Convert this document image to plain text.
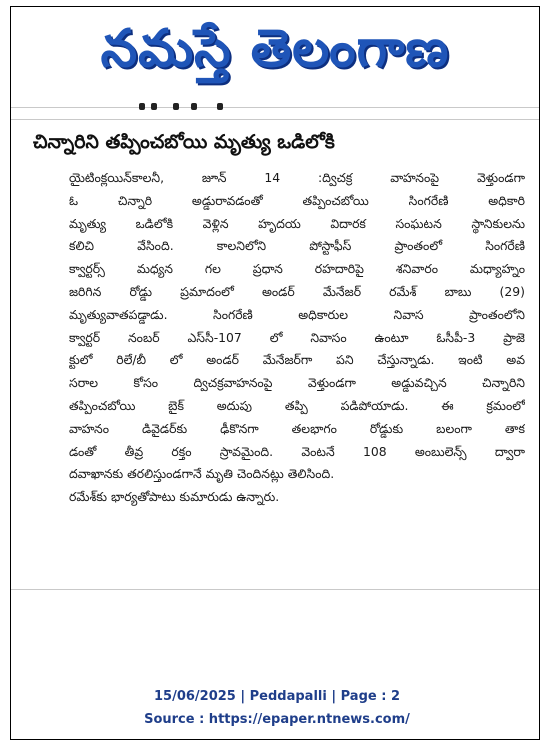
నమస్తే తెలంగాణ
చిన్నారిని తప్పించబోయి మృత్యు ఒడిలోకి
యైటింక్లయిన్‌కాలనీ, జూన్ 14 :ద్విచక్ర వాహనంపై వెళ్తుండగా
ఓ చిన్నారి అడ్డురావడంతో తప్పించబోయి సింగరేణి అధికారి
మృత్యు ఒడిలోకి వెళ్లిన హృదయ విదారక సంఘటన స్థానికులను
కలిచి వేసింది. కాలనిలోని పోస్టాఫీస్ ప్రాంతంలో సింగరేణి
క్వార్టర్స్ మధ్యన గల ప్రధాన రహదారిపై శనివారం మధ్యాహ్నం
జరిగిన రోడ్డు ప్రమాదంలో అండర్ మేనేజర్ రమేశ్ బాబు (29)
మృత్యువాతపడ్డాడు. సింగరేణి అధికారుల నివాస ప్రాంతంలోని
క్వార్టర్ నంబర్ ఎస్‌సీ-107 లో నివాసం ఉంటూ ఓసీపీ-3 ప్రాజె
క్టులో రిలే/బీ లో అండర్ మేనేజర్‌గా పని చేస్తున్నాడు. ఇంటి అవ
సరాల కోసం ద్విచక్రవాహనంపై వెళ్తుండగా అడ్డువచ్చిన చిన్నారిని
తప్పించబోయి బైక్ అదుపు తప్పి పడిపోయాడు. ఈ క్రమంలో
వాహనం డివైడర్‌కు ఢీకొనగా తలభాగం రోడ్డుకు బలంగా తాక
డంతో తీవ్ర రక్తం స్రావమైంది. వెంటనే 108 అంబులెన్స్ ద్వారా
దవాఖానకు తరలిస్తుండగానే మృతి చెందినట్లు తెలిసింది.
రమేశ్‌కు భార్యతోపాటు కుమారుడు ఉన్నారు.
15/06/2025 | Peddapalli | Page : 2
Source : https://epaper.ntnews.com/
